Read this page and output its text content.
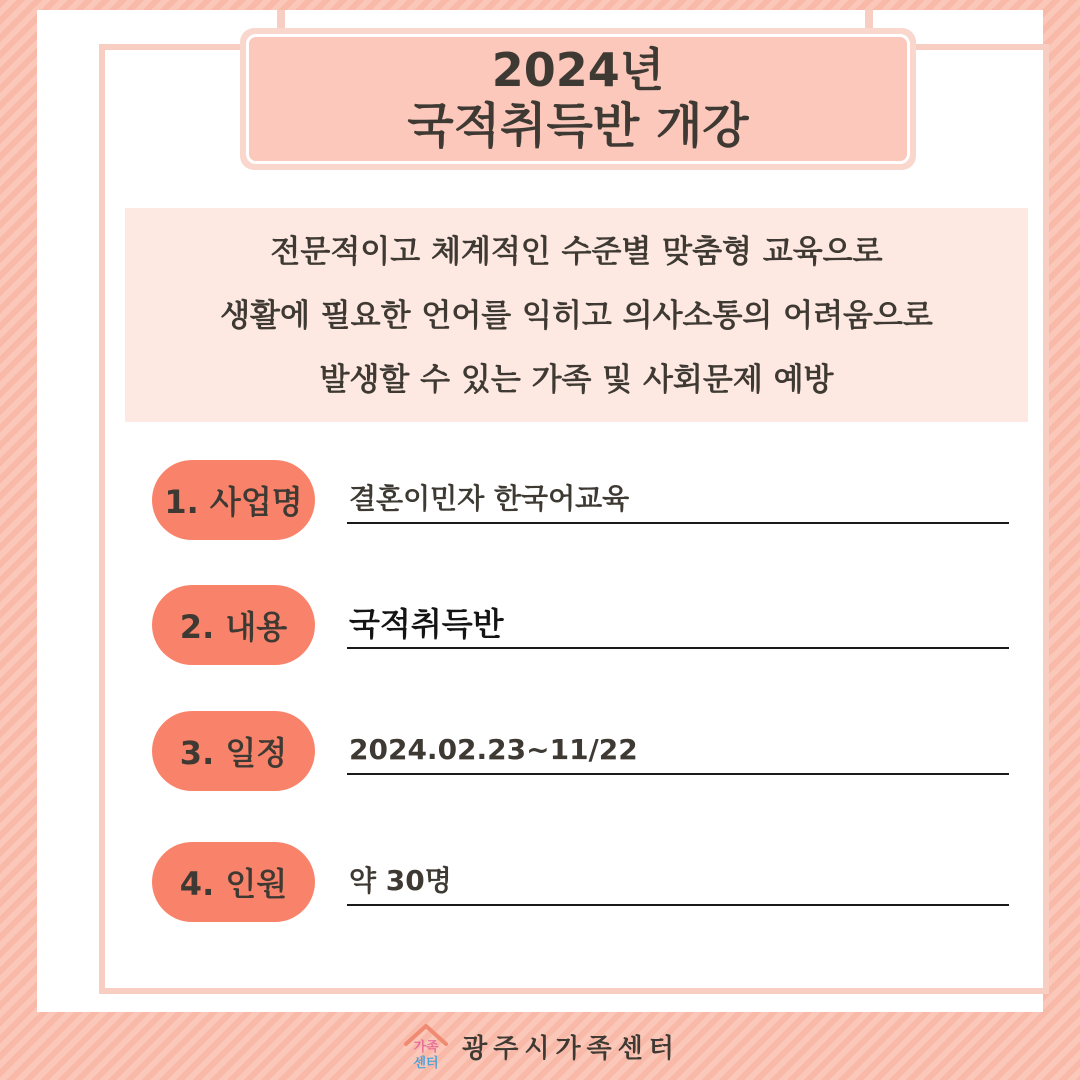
2024년
국적취득반 개강
전문적이고 체계적인 수준별 맞춤형 교육으로
생활에 필요한 언어를 익히고 의사소통의 어려움으로
발생할 수 있는 가족 및 사회문제 예방
1. 사업명	결혼이민자 한국어교육
2. 내용	국적취득반
3. 일정	2024.02.23~11/22
4. 인원	약 30명
가족
센터 광주시가족센터
